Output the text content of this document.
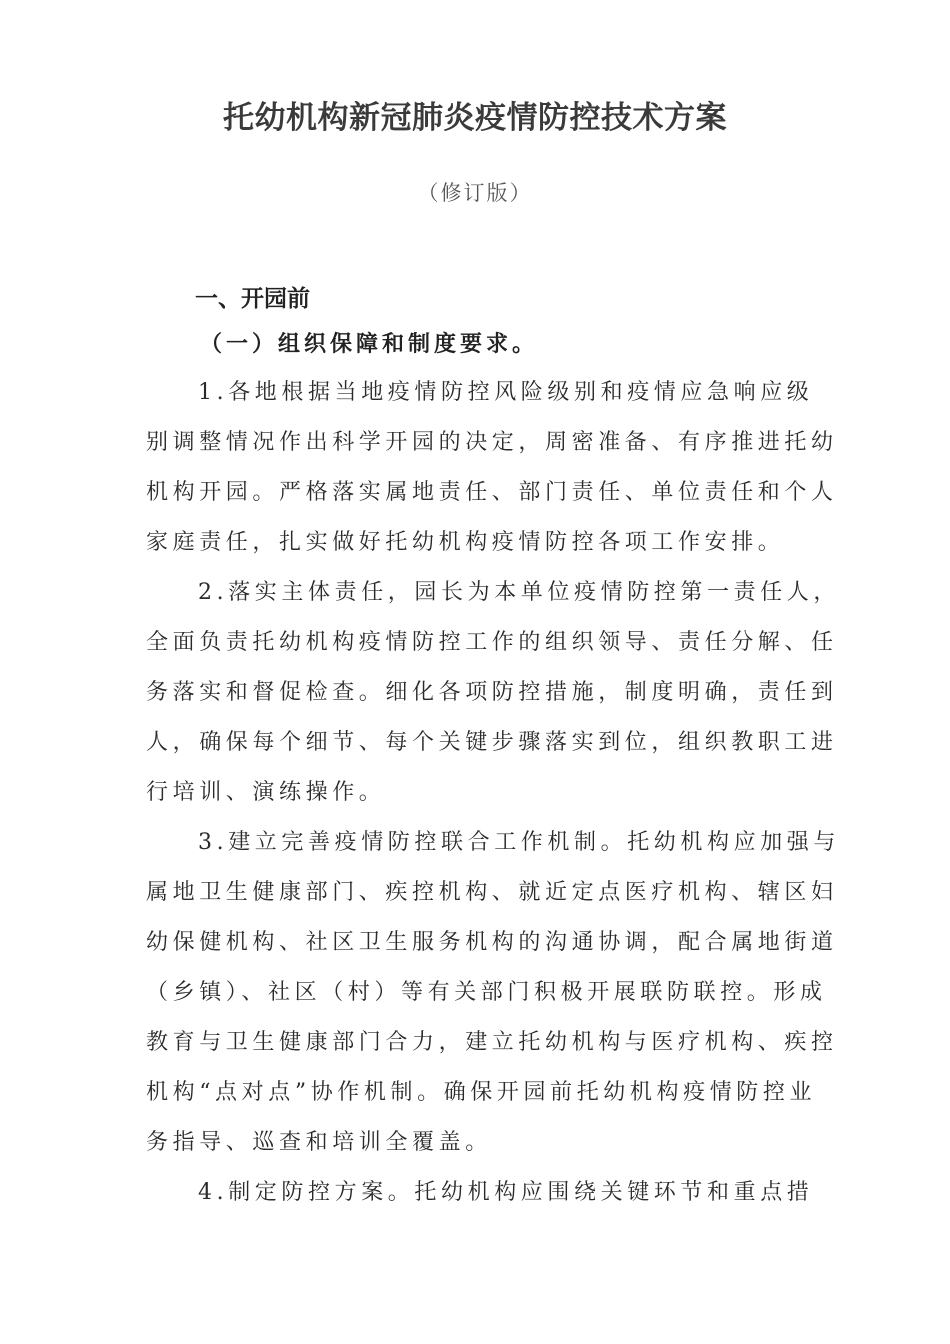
托幼机构新冠肺炎疫情防控技术方案
（修订版）
一、开园前
（一）组织保障和制度要求。
1.各地根据当地疫情防控风险级别和疫情应急响应级
别调整情况作出科学开园的决定，周密准备、有序推进托幼
机构开园。严格落实属地责任、部门责任、单位责任和个人
家庭责任，扎实做好托幼机构疫情防控各项工作安排。
2.落实主体责任，园长为本单位疫情防控第一责任人，
全面负责托幼机构疫情防控工作的组织领导、责任分解、任
务落实和督促检查。细化各项防控措施，制度明确，责任到
人，确保每个细节、每个关键步骤落实到位，组织教职工进
行培训、演练操作。
3.建立完善疫情防控联合工作机制。托幼机构应加强与
属地卫生健康部门、疾控机构、就近定点医疗机构、辖区妇
幼保健机构、社区卫生服务机构的沟通协调，配合属地街道
（乡镇）、社区（村）等有关部门积极开展联防联控。形成
教育与卫生健康部门合力，建立托幼机构与医疗机构、疾控
机构“点对点”协作机制。确保开园前托幼机构疫情防控业
务指导、巡查和培训全覆盖。
4.制定防控方案。托幼机构应围绕关键环节和重点措
